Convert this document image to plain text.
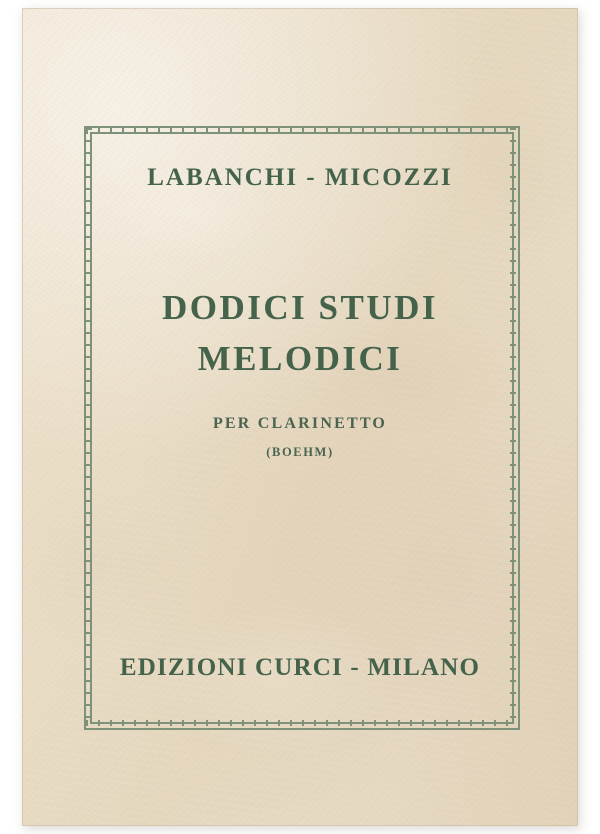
LABANCHI - MICOZZI
DODICI STUDI
MELODICI
PER CLARINETTO
(BOEHM)
EDIZIONI CURCI - MILANO
